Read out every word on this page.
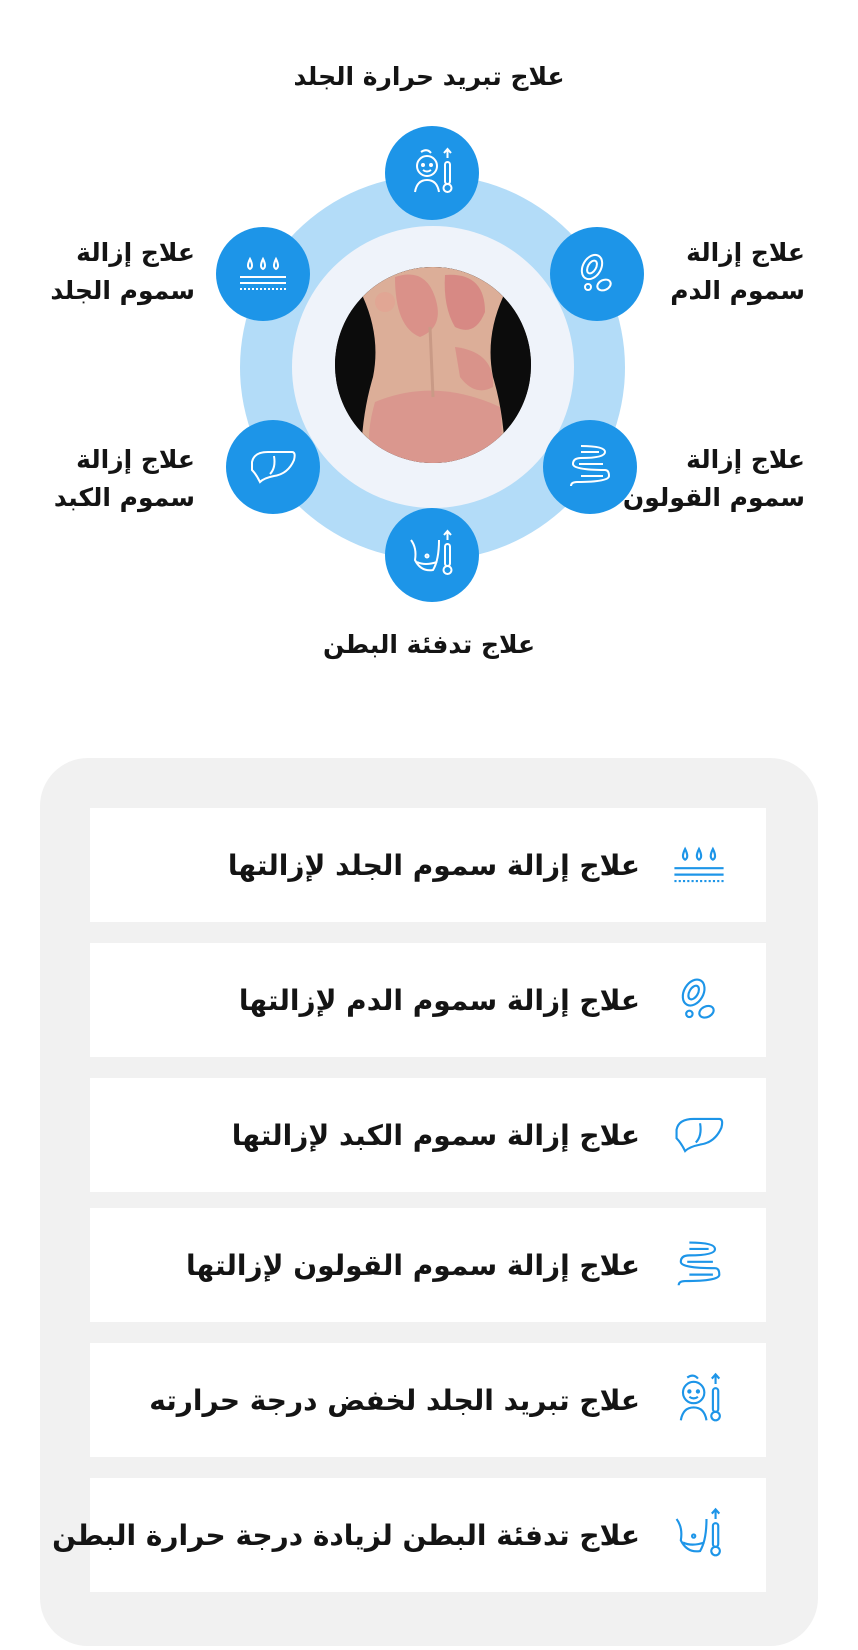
علاج تبريد حرارة الجلد
علاج تدفئة البطن
علاج إزالة
سموم الجلد
علاج إزالة
سموم الكبد
علاج إزالة
سموم الدم
علاج إزالة
سموم القولون
علاج إزالة سموم الجلد لإزالتها
علاج إزالة سموم الدم لإزالتها
علاج إزالة سموم الكبد لإزالتها
علاج إزالة سموم القولون لإزالتها
علاج تبريد الجلد لخفض درجة حرارته
علاج تدفئة البطن لزيادة درجة حرارة البطن
